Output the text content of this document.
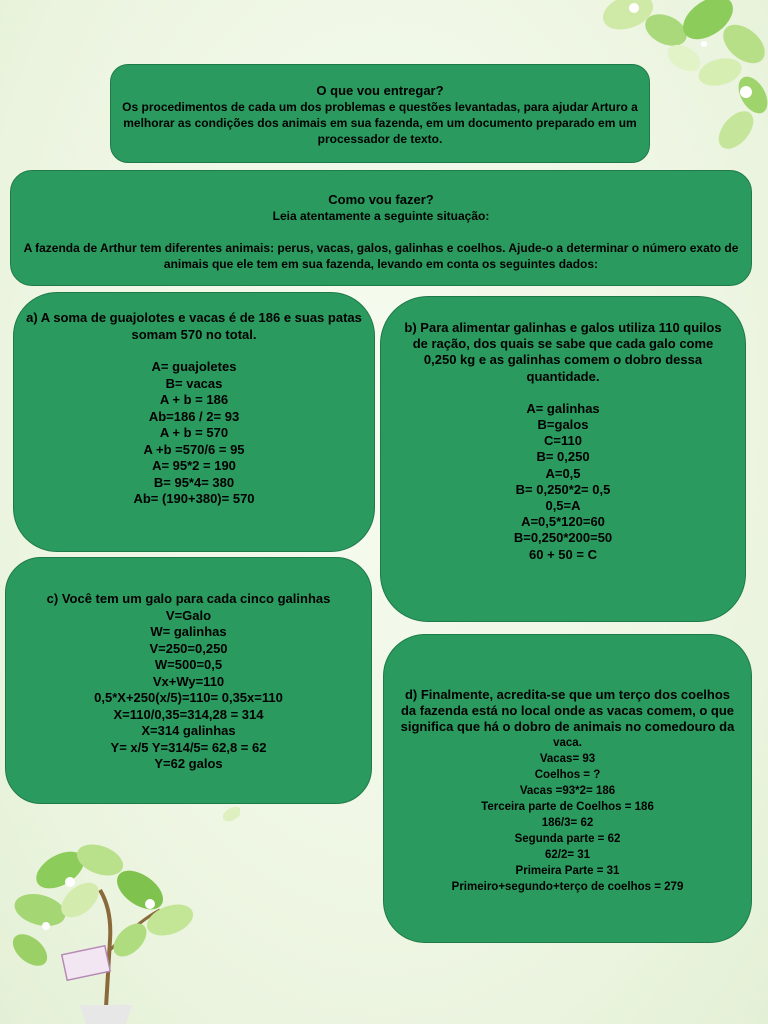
O que vou entregar?

Os procedimentos de cada um dos problemas e questões levantadas, para ajudar Arturo a
melhorar as condições dos animais em sua fazenda, em um documento preparado em um
processador de texto.

Como vou fazer?

Leia atentamente a seguinte situação:
A fazenda de Arthur tem diferentes animais: perus, vacas, galos, galinhas e coelhos. Ajude-o a determinar o número exato de
animais que ele tem em sua fazenda, levando em conta os seguintes dados:
a) A soma de guajolotes e vacas é de 186 e suas patas
somam 570 no total.
A= guajoletes
B= vacas
A + b = 186
Ab=186 / 2= 93
A + b = 570
A +b =570/6 = 95
A= 95*2 = 190
B= 95*4= 380
Ab= (190+380)= 570
b) Para alimentar galinhas e galos utiliza 110 quilos
de ração, dos quais se sabe que cada galo come
0,250 kg e as galinhas comem o dobro dessa
quantidade.
A= galinhas
B=galos
C=110
B= 0,250
A=0,5
B= 0,250*2= 0,5
0,5=A
A=0,5*120=60
B=0,250*200=50
60 + 50 = C
c) Você tem um galo para cada cinco galinhas
V=Galo
W= galinhas
V=250=0,250
W=500=0,5
Vx+Wy=110
0,5*X+250(x/5)=110= 0,35x=110
X=110/0,35=314,28 = 314
X=314 galinhas
Y= x/5 Y=314/5= 62,8 = 62
Y=62 galos
d) Finalmente, acredita-se que um terço dos coelhos
da fazenda está no local onde as vacas comem, o que
significa que há o dobro de animais no comedouro da
vaca.
Vacas= 93
Coelhos = ?
Vacas =93*2= 186
Terceira parte de Coelhos = 186
186/3= 62
Segunda parte = 62
62/2= 31
Primeira Parte = 31
Primeiro+segundo+terço de coelhos = 279
